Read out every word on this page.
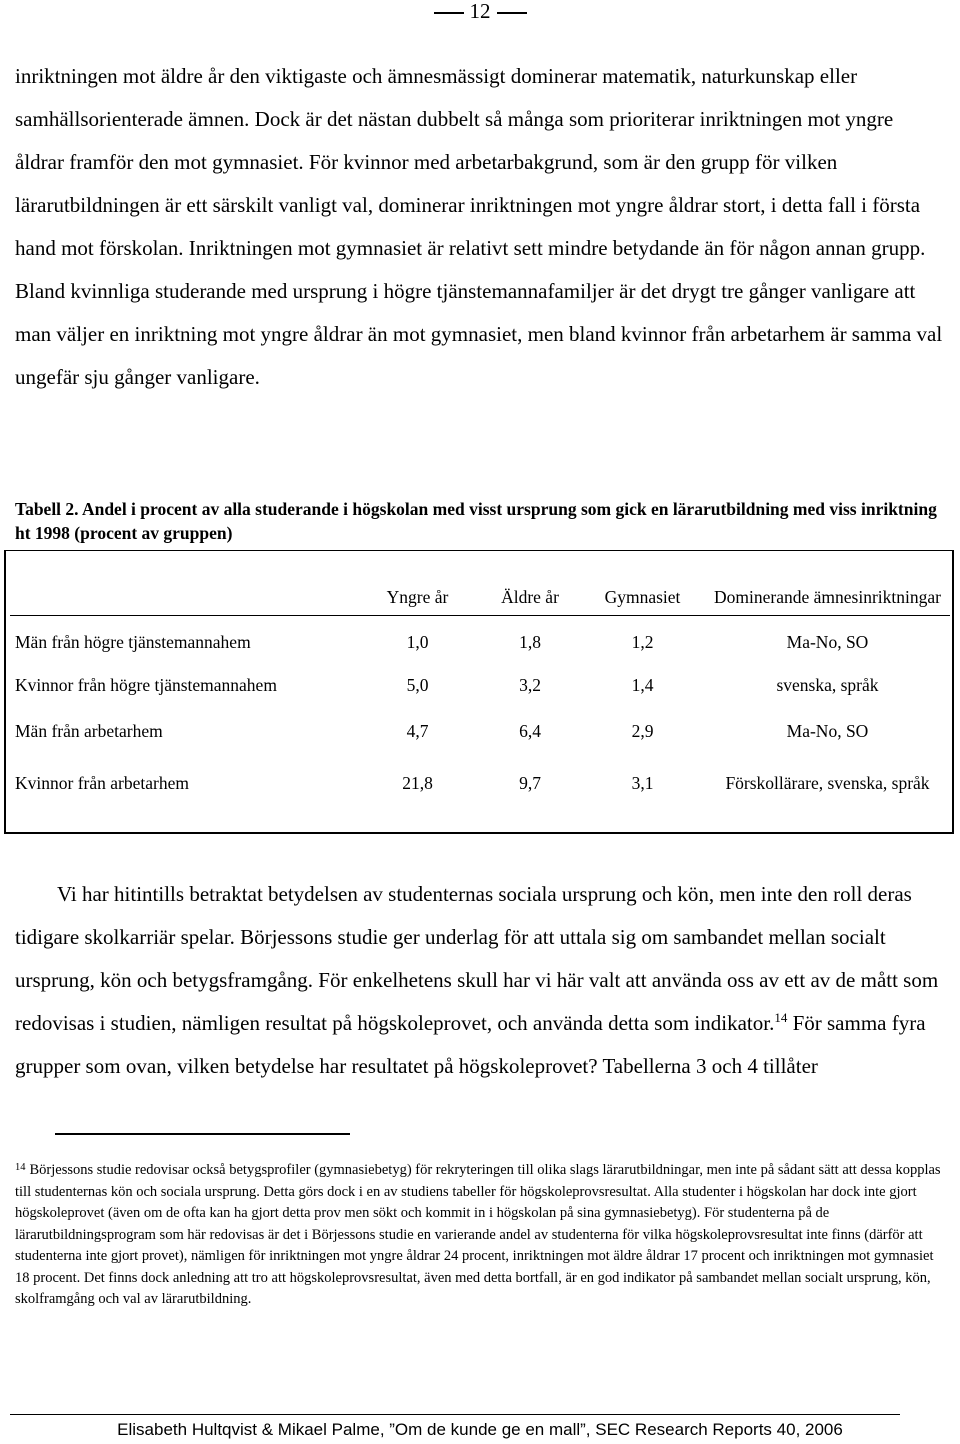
12

inriktningen mot äldre år den viktigaste och ämnesmässigt dominerar matematik, naturkunskap eller samhällsorienterade ämnen. Dock är det nästan dubbelt så många som prioriterar inriktningen mot yngre åldrar framför den mot gymnasiet. För kvinnor med arbetarbakgrund, som är den grupp för vilken lärarutbildningen är ett särskilt vanligt val, dominerar inriktningen mot yngre åldrar stort, i detta fall i första hand mot förskolan. Inriktningen mot gymnasiet är relativt sett mindre betydande än för någon annan grupp. Bland kvinnliga studerande med ursprung i högre tjänstemannafamiljer är det drygt tre gånger vanligare att man väljer en inriktning mot yngre åldrar än mot gymnasiet, men bland kvinnor från arbetarhem är samma val ungefär sju gånger vanligare.

Tabell 2. Andel i procent av alla studerande i högskolan med visst ursprung som gick en lärarutbildning med viss inriktning ht 1998 (procent av gruppen)

	Yngre år	Äldre år	Gymnasiet	Dominerande ämnesinriktningar
Män från högre tjänstemannahem	1,0	1,8	1,2	Ma-No, SO
Kvinnor från högre tjänstemannahem	5,0	3,2	1,4	svenska, språk
Män från arbetarhem	4,7	6,4	2,9	Ma-No, SO
Kvinnor från arbetarhem	21,8	9,7	3,1	Förskollärare, svenska, språk

Vi har hitintills betraktat betydelsen av studenternas sociala ursprung och kön, men inte den roll deras tidigare skolkarriär spelar. Börjessons studie ger underlag för att uttala sig om sambandet mellan socialt ursprung, kön och betygsframgång. För enkelhetens skull har vi här valt att använda oss av ett av de mått som redovisas i studien, nämligen resultat på högskoleprovet, och använda detta som indikator.$^{14}$ För samma fyra grupper som ovan, vilken betydelse har resultatet på högskoleprovet? Tabellerna 3 och 4 tillåter

$^{14}$ Börjessons studie redovisar också betygsprofiler (gymnasiebetyg) för rekryteringen till olika slags lärarutbildningar, men inte på sådant sätt att dessa kopplas till studenternas kön och sociala ursprung. Detta görs dock i en av studiens tabeller för högskoleprovsresultat. Alla studenter i högskolan har dock inte gjort högskoleprovet (även om de ofta kan ha gjort detta prov men sökt och kommit in i högskolan på sina gymnasiebetyg). För studenterna på de lärarutbildningsprogram som här redovisas är det i Börjessons studie en varierande andel av studenterna för vilka högskoleprovsresultat inte finns (därför att studenterna inte gjort provet), nämligen för inriktningen mot yngre åldrar 24 procent, inriktningen mot äldre åldrar 17 procent och inriktningen mot gymnasiet 18 procent. Det finns dock anledning att tro att högskoleprovsresultat, även med detta bortfall, är en god indikator på sambandet mellan socialt ursprung, kön, skolframgång och val av lärarutbildning.

Elisabeth Hultqvist & Mikael Palme, ”Om de kunde ge en mall”, SEC Research Reports 40, 2006
